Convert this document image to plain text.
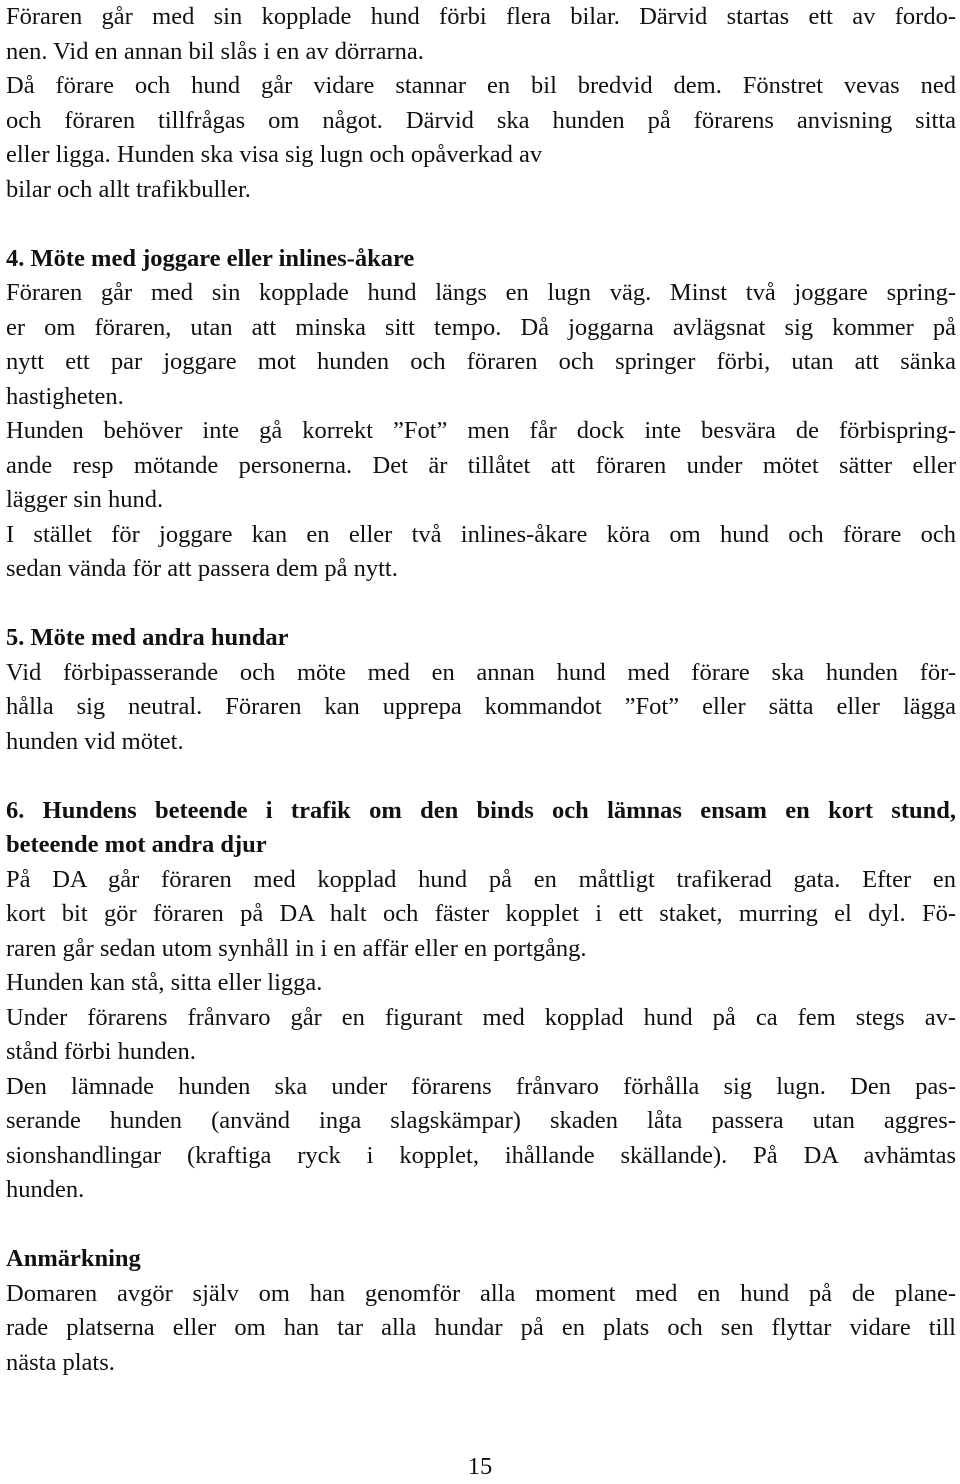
Föraren går med sin kopplade hund förbi flera bilar. Därvid startas ett av fordo-
nen. Vid en annan bil slås i en av dörrarna.
Då förare och hund går vidare stannar en bil bredvid dem. Fönstret vevas ned
och föraren tillfrågas om något. Därvid ska hunden på förarens anvisning sitta
eller ligga. Hunden ska visa sig lugn och opåverkad av
bilar och allt trafikbuller.
4. Möte med joggare eller inlines-åkare
Föraren går med sin kopplade hund längs en lugn väg. Minst två joggare spring-
er om föraren, utan att minska sitt tempo. Då joggarna avlägsnat sig kommer på
nytt ett par joggare mot hunden och föraren och springer förbi, utan att sänka
hastigheten.
Hunden behöver inte gå korrekt ”Fot” men får dock inte besvära de förbispring-
ande resp mötande personerna. Det är tillåtet att föraren under mötet sätter eller
lägger sin hund.
I stället för joggare kan en eller två inlines-åkare köra om hund och förare och
sedan vända för att passera dem på nytt.
5. Möte med andra hundar
Vid förbipasserande och möte med en annan hund med förare ska hunden för-
hålla sig neutral. Föraren kan upprepa kommandot ”Fot” eller sätta eller lägga
hunden vid mötet.
6. Hundens beteende i trafik om den binds och lämnas ensam en kort stund,
beteende mot andra djur
På DA går föraren med kopplad hund på en måttligt trafikerad gata. Efter en
kort bit gör föraren på DA halt och fäster kopplet i ett staket, murring el dyl. Fö-
raren går sedan utom synhåll in i en affär eller en portgång.
Hunden kan stå, sitta eller ligga.
Under förarens frånvaro går en figurant med kopplad hund på ca fem stegs av-
stånd förbi hunden.
Den lämnade hunden ska under förarens frånvaro förhålla sig lugn. Den pas-
serande hunden (använd inga slagskämpar) skaden låta passera utan aggres-
sionshandlingar (kraftiga ryck i kopplet, ihållande skällande). På DA avhämtas
hunden.
Anmärkning
Domaren avgör själv om han genomför alla moment med en hund på de plane-
rade platserna eller om han tar alla hundar på en plats och sen flyttar vidare till
nästa plats.
15
